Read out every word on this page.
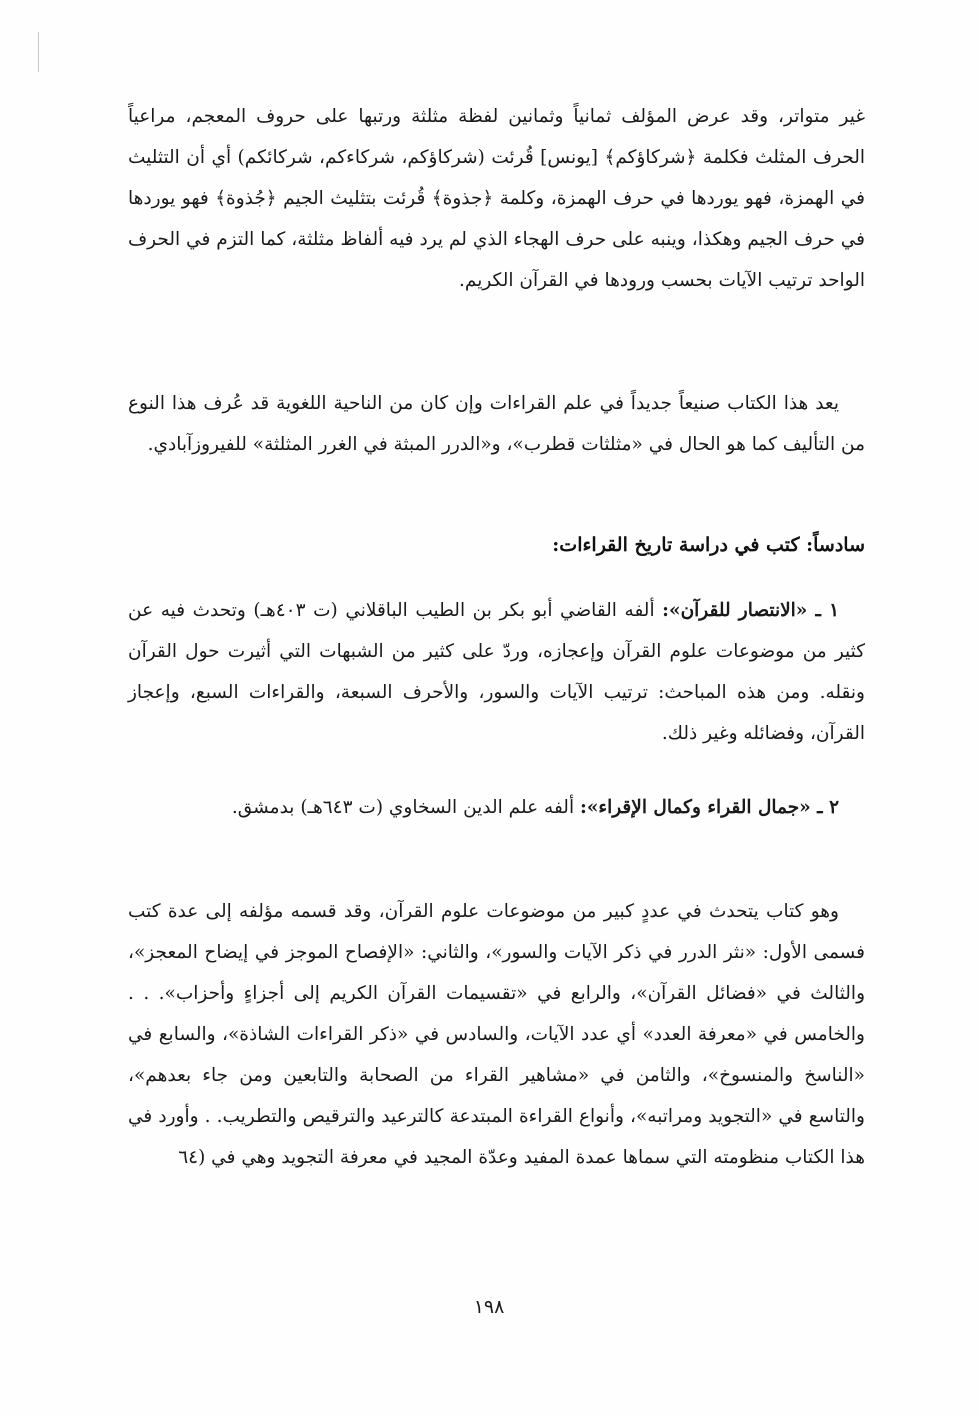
غير متواتر، وقد عرض المؤلف ثمانياً وثمانين لفظة مثلثة ورتبها على حروف المعجم، مراعياً الحرف المثلث فكلمة ﴿شركاؤكم﴾ [يونس] قُرئت (شركاؤكم، شركاءكم، شركائكم) أي أن التثليث في الهمزة، فهو يوردها في حرف الهمزة، وكلمة ﴿جذوة﴾ قُرئت بتثليث الجيم ﴿جُذوة﴾ فهو يوردها في حرف الجيم وهكذا، وينبه على حرف الهجاء الذي لم يرد فيه ألفاظ مثلثة، كما التزم في الحرف الواحد ترتيب الآيات بحسب ورودها في القرآن الكريم.

يعد هذا الكتاب صنيعاً جديداً في علم القراءات وإن كان من الناحية اللغوية قد عُرف هذا النوع من التأليف كما هو الحال في «مثلثات قطرب»، و«الدرر المبثة في الغرر المثلثة» للفيروزآبادي.

سادساً: كتب في دراسة تاريخ القراءات:

١ ـ «الانتصار للقرآن»: ألفه القاضي أبو بكر بن الطيب الباقلاني (ت ٤٠٣هـ) وتحدث فيه عن كثير من موضوعات علوم القرآن وإعجازه، وردّ على كثير من الشبهات التي أثيرت حول القرآن ونقله. ومن هذه المباحث: ترتيب الآيات والسور، والأحرف السبعة، والقراءات السبع، وإعجاز القرآن، وفضائله وغير ذلك.

٢ ـ «جمال القراء وكمال الإقراء»: ألفه علم الدين السخاوي (ت ٦٤٣هـ) بدمشق.

وهو كتاب يتحدث في عددٍ كبير من موضوعات علوم القرآن، وقد قسمه مؤلفه إلى عدة كتب فسمى الأول: «نثر الدرر في ذكر الآيات والسور»، والثاني: «الإفصاح الموجز في إيضاح المعجز»، والثالث في «فضائل القرآن»، والرابع في «تقسيمات القرآن الكريم إلى أجزاءٍ وأحزاب». . . والخامس في «معرفة العدد» أي عدد الآيات، والسادس في «ذكر القراءات الشاذة»، والسابع في «الناسخ والمنسوخ»، والثامن في «مشاهير القراء من الصحابة والتابعين ومن جاء بعدهم»، والتاسع في «التجويد ومراتبه»، وأنواع القراءة المبتدعة كالترعيد والترقيص والتطريب. . وأورد في هذا الكتاب منظومته التي سماها عمدة المفيد وعدّة المجيد في معرفة التجويد وهي في (٦٤

١٩٨
